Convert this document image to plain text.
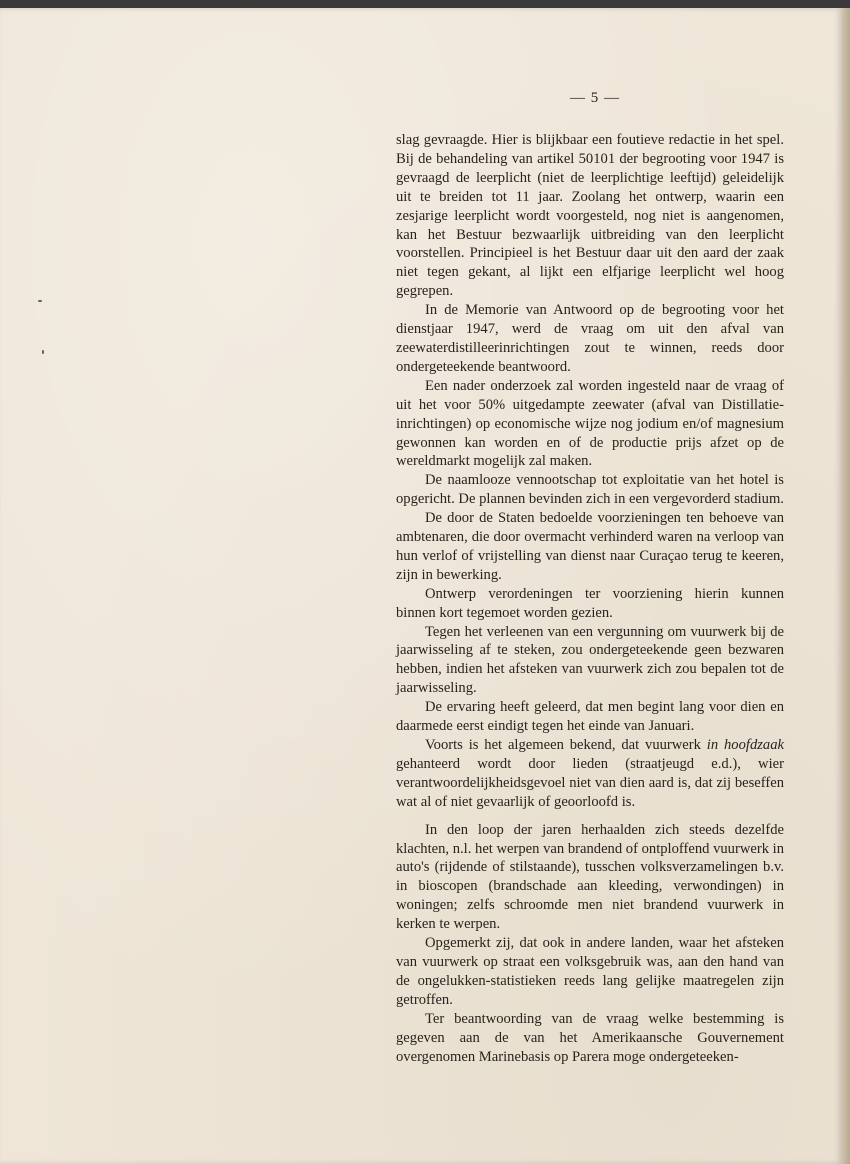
— 5 —

slag gevraagde. Hier is blijkbaar een foutieve redactie in het spel. Bij de behandeling van artikel 50101 der begrooting voor 1947 is gevraagd de leerplicht (niet de leerplichtige leeftijd) geleidelijk uit te breiden tot 11 jaar. Zoolang het ontwerp, waarin een zesjarige leerplicht wordt voorgesteld, nog niet is aangenomen, kan het Bestuur bezwaarlijk uitbreiding van den leerplicht voorstellen. Principieel is het Bestuur daar uit den aard der zaak niet tegen gekant, al lijkt een elfjarige leerplicht wel hoog gegrepen.

In de Memorie van Antwoord op de begrooting voor het dienstjaar 1947, werd de vraag om uit den afval van zeewaterdistilleerinrichtingen zout te winnen, reeds door ondergeteekende beantwoord.

Een nader onderzoek zal worden ingesteld naar de vraag of uit het voor 50% uitgedampte zeewater (afval van Distillatie-inrichtingen) op economische wijze nog jodium en/of magnesium gewonnen kan worden en of de productie prijs afzet op de wereldmarkt mogelijk zal maken.

De naamlooze vennootschap tot exploitatie van het hotel is opgericht. De plannen bevinden zich in een vergevorderd stadium.

De door de Staten bedoelde voorzieningen ten behoeve van ambtenaren, die door overmacht verhinderd waren na verloop van hun verlof of vrijstelling van dienst naar Curaçao terug te keeren, zijn in bewerking.

Ontwerp verordeningen ter voorziening hierin kunnen binnen kort tegemoet worden gezien.

Tegen het verleenen van een vergunning om vuurwerk bij de jaarwisseling af te steken, zou ondergeteekende geen bezwaren hebben, indien het afsteken van vuurwerk zich zou bepalen tot de jaarwisseling.

De ervaring heeft geleerd, dat men begint lang voor dien en daarmede eerst eindigt tegen het einde van Januari.

Voorts is het algemeen bekend, dat vuurwerk in hoofdzaak gehanteerd wordt door lieden (straatjeugd e.d.), wier verantwoordelijkheidsgevoel niet van dien aard is, dat zij beseffen wat al of niet gevaarlijk of geoorloofd is.

In den loop der jaren herhaalden zich steeds dezelfde klachten, n.l. het werpen van brandend of ontploffend vuurwerk in auto's (rijdende of stilstaande), tusschen volksverzamelingen b.v. in bioscopen (brandschade aan kleeding, verwondingen) in woningen; zelfs schroomde men niet brandend vuurwerk in kerken te werpen.

Opgemerkt zij, dat ook in andere landen, waar het afsteken van vuurwerk op straat een volksgebruik was, aan den hand van de ongelukken-statistieken reeds lang gelijke maatregelen zijn getroffen.

Ter beantwoording van de vraag welke bestemming is gegeven aan de van het Amerikaansche Gouvernement overgenomen Marinebasis op Parera moge ondergeteeken-
